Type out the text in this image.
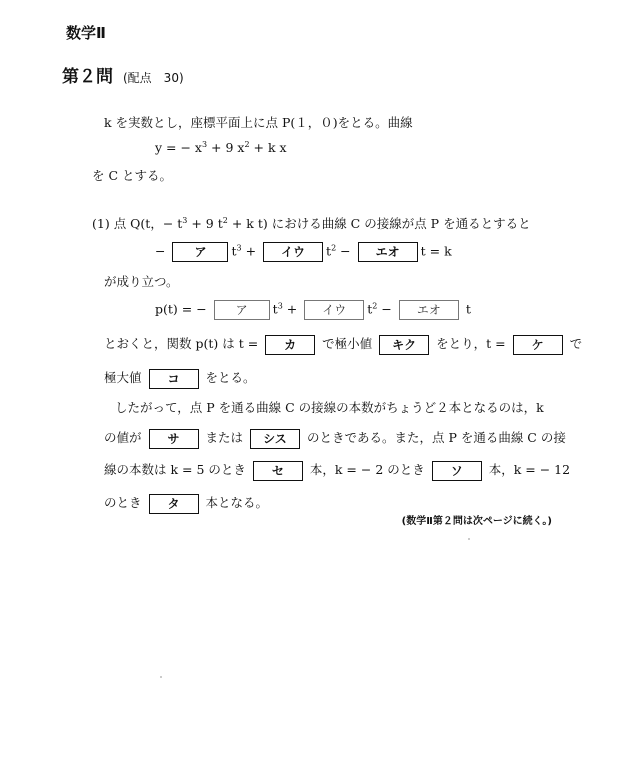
数学Ⅱ
第２問 (配点　30)
k を実数とし，座標平面上に点 P(１，０)をとる。曲線
y = − $x^3 + 9$ $x^2 + k$ x
を C とする。
(1) 点 Q(t，− $t^3 + 9$ $t^2 + k$ t) における曲線 C の接線が点 P を通るとすると
− ア $t^3$ + イウ $t^2$ − エオ t = k
が成り立つ。
p(t) = − ア $t^3$ + イウ $t^2$ − エオ t
とおくと，関数 p(t) は t = カ で極小値 キク をとり，t = ケ で
極大値 コ をとる。
したがって，点 P を通る曲線 C の接線の本数がちょうど２本となるのは，k
の値が サ または シス のときである。また，点 P を通る曲線 C の接
線の本数は k = 5 のとき セ 本，k = − 2 のとき ソ 本，k = − 12
のとき タ 本となる。
(数学Ⅱ第２問は次ページに続く。)
